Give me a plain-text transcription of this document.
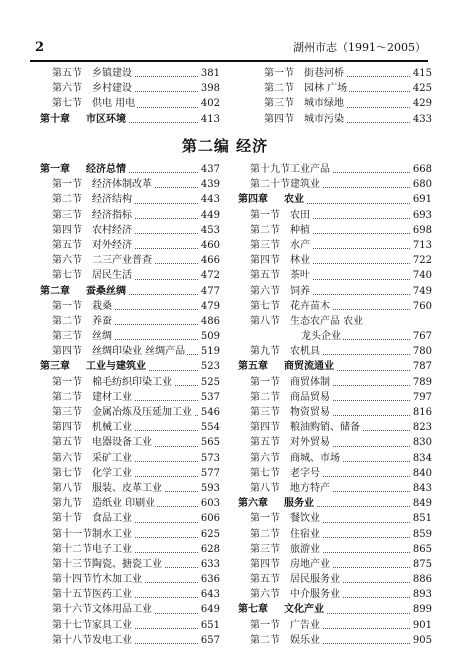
2	湖州市志（1991～2005）
第五节 乡镇建设	381
第六节 乡村建设	398
第七节 供电 用电	402
第十章 市区环境	413
第一节 街巷河桥	415
第二节 园林 广场	425
第三节 城市绿地	429
第四节 城市污染	433
第二编 经济
第一章 经济总情	437
第一节 经济体制改革	439
第二节 经济结构	443
第三节 经济指标	449
第四节 农村经济	453
第五节 对外经济	460
第六节 二三产业普查	466
第七节 居民生活	472
第二章 蚕桑丝绸	477
第一节 栽桑	479
第二节 养蚕	486
第三节 丝绸	509
第四节 丝绸印染业 丝绸产品 519
第三章 工业与建筑业	523
第一节 棉毛纺织印染工业	525
第二节 建材工业	537
第三节 金属冶炼及压延加工业 546
第四节 机械工业	554
第五节 电器设备工业	565
第六节 采矿工业	573
第七节 化学工业	577
第八节 服装、皮革工业	593
第九节 造纸业 印刷业	603
第十节 食品工业	606
第十一节制水工业	625
第十二节电子工业	628
第十三节陶瓷、搪瓷工业	633
第十四节竹木加工业	636
第十五节医药工业	643
第十六节文体用品工业	649
第十七节家具工业	651
第十八节发电工业	657
第十九节工业产品	668
第二十节建筑业	680
第四章 农业	691
第一节 农田	693
第二节 种植	698
第三节 水产	713
第四节 林业	722
第五节 茶叶	740
第六节 饲养	749
第七节 花卉苗木	760
第八节 生态农产品 农业
龙头企业	767
第九节 农机具	780
第五章 商贸流通业	787
第一节 商贸体制	789
第二节 商品贸易	797
第三节 物资贸易	816
第四节 粮油购销、储备	823
第五节 对外贸易	830
第六节 商城、市场	834
第七节 老字号	840
第八节 地方特产	843
第六章 服务业	849
第一节 餐饮业	851
第二节 住宿业	859
第三节 旅游业	865
第四节 房地产业	875
第五节 居民服务业	886
第六节 中介服务业	893
第七章 文化产业	899
第一节 广告业	901
第二节 娱乐业	905
